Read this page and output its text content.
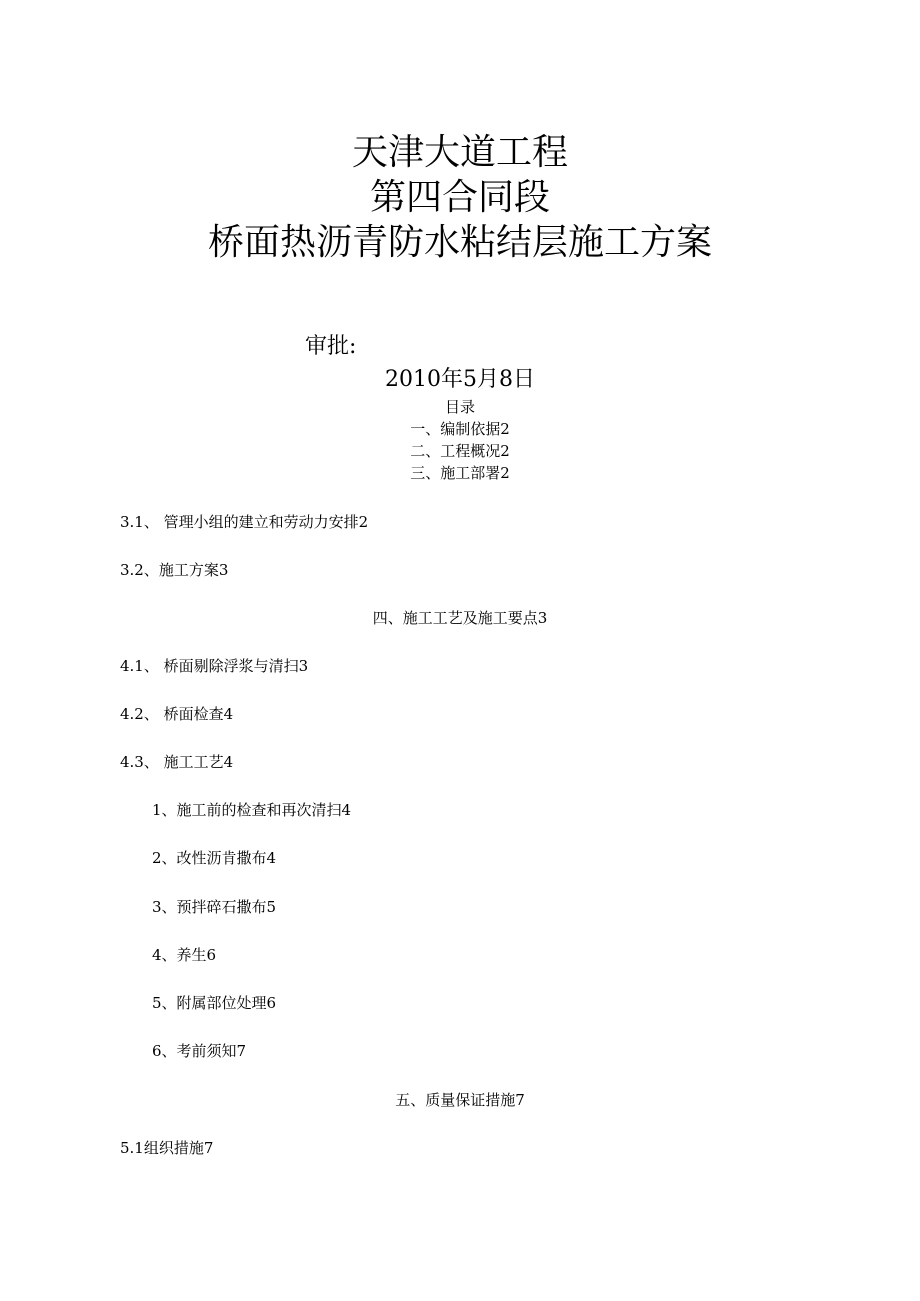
天津大道工程
第四合同段
桥面热沥青防水粘结层施工方案
审批:
2010年5月8日
目录
一、编制依据2
二、工程概况2
三、施工部署2
3.1、 管理小组的建立和劳动力安排2
3.2、施工方案3
四、施工工艺及施工要点3
4.1、 桥面剔除浮浆与清扫3
4.2、 桥面检查4
4.3、 施工工艺4
1、施工前的检查和再次清扫4
2、改性沥肯撒布4
3、预拌碎石撒布5
4、养生6
5、附属部位处理6
6、考前须知7
五、质量保证措施7
5.1组织措施7
